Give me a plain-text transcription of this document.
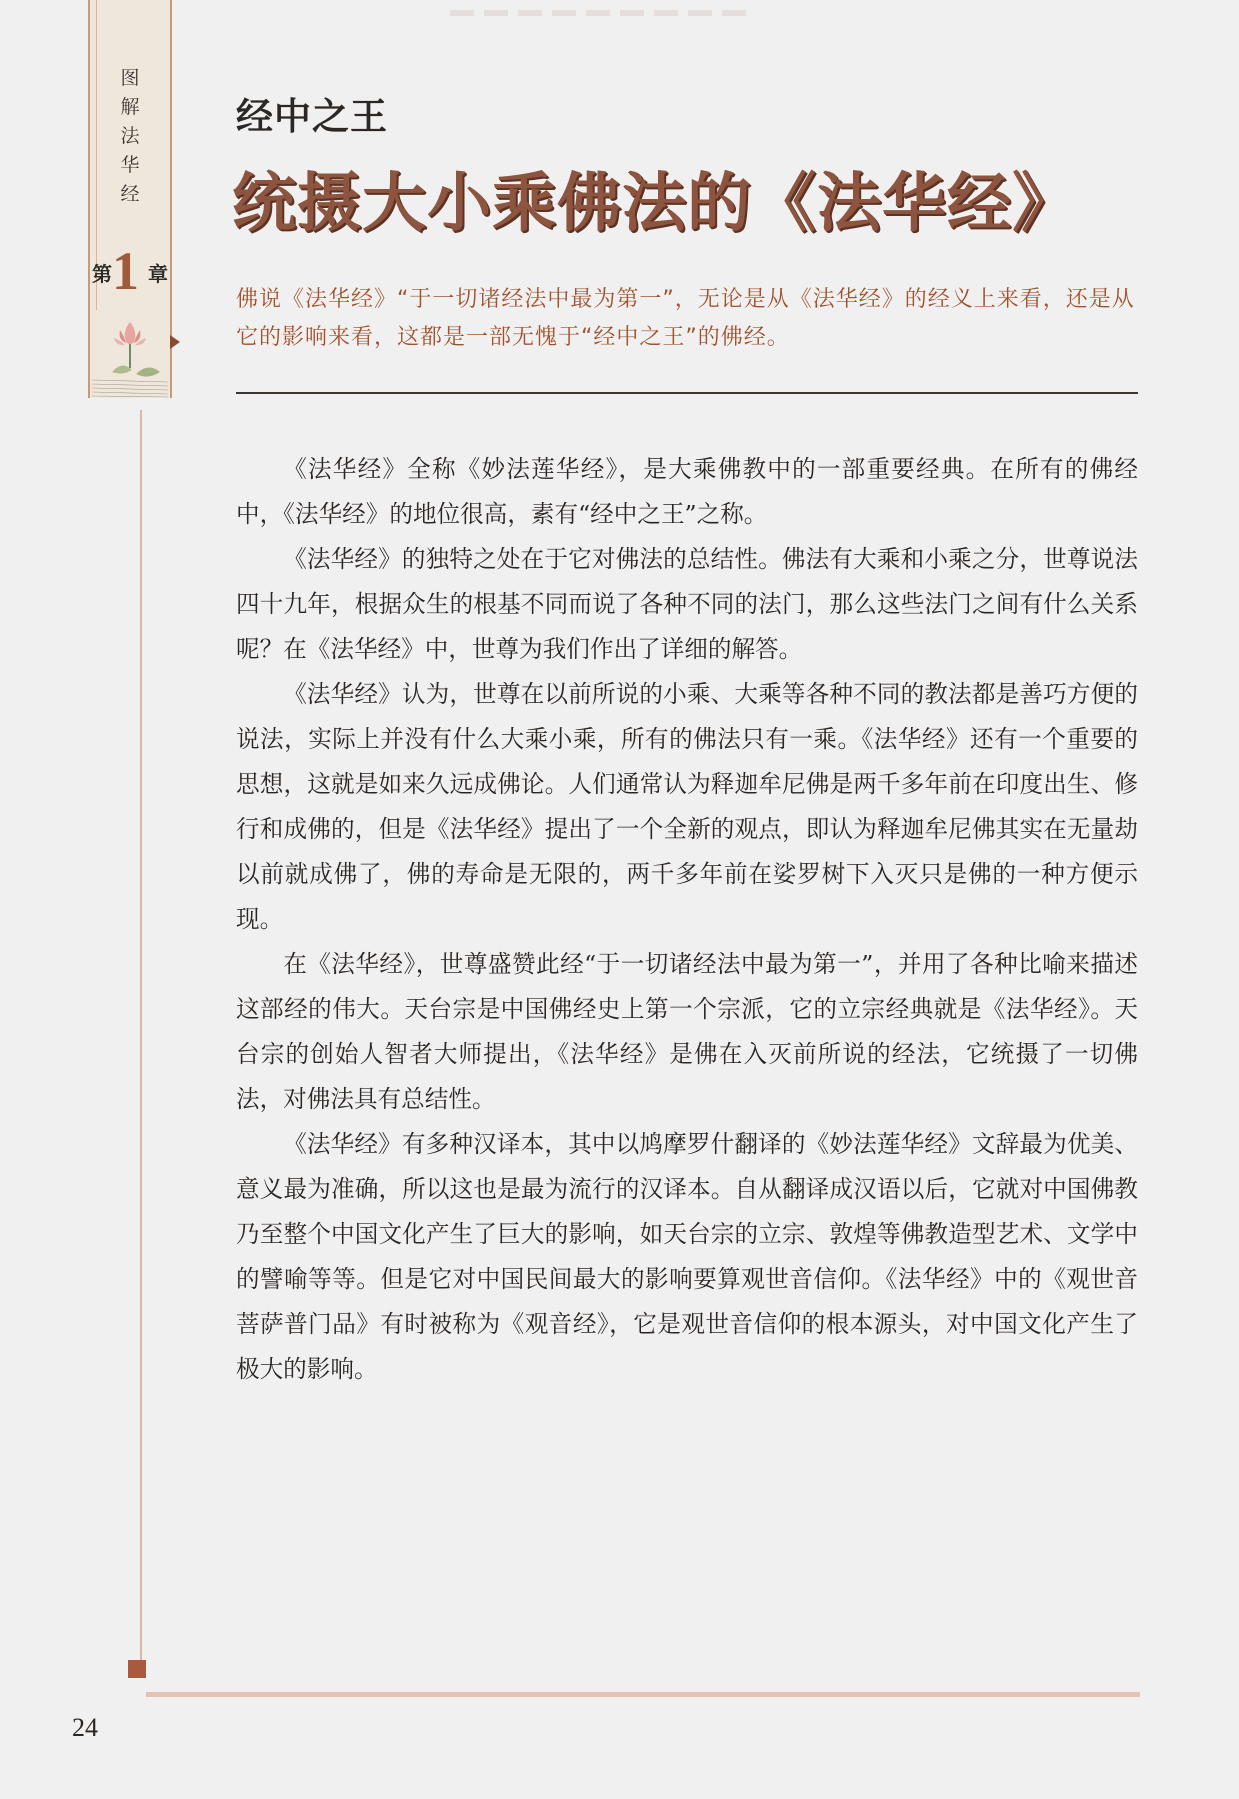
图解法华经
第 1 章
经中之王
统摄大小乘佛法的《法华经》
佛说《法华经》“于一切诸经法中最为第一”，无论是从《法华经》的经义上来看，还是从它的影响来看，这都是一部无愧于“经中之王”的佛经。

《法华经》全称《妙法莲华经》，是大乘佛教中的一部重要经典。在所有的佛经中，《法华经》的地位很高，素有“经中之王”之称。

《法华经》的独特之处在于它对佛法的总结性。佛法有大乘和小乘之分，世尊说法四十九年，根据众生的根基不同而说了各种不同的法门，那么这些法门之间有什么关系呢？在《法华经》中，世尊为我们作出了详细的解答。

《法华经》认为，世尊在以前所说的小乘、大乘等各种不同的教法都是善巧方便的说法，实际上并没有什么大乘小乘，所有的佛法只有一乘。《法华经》还有一个重要的思想，这就是如来久远成佛论。人们通常认为释迦牟尼佛是两千多年前在印度出生、修行和成佛的，但是《法华经》提出了一个全新的观点，即认为释迦牟尼佛其实在无量劫以前就成佛了，佛的寿命是无限的，两千多年前在娑罗树下入灭只是佛的一种方便示现。

在《法华经》，世尊盛赞此经“于一切诸经法中最为第一”，并用了各种比喻来描述这部经的伟大。天台宗是中国佛经史上第一个宗派，它的立宗经典就是《法华经》。天台宗的创始人智者大师提出，《法华经》是佛在入灭前所说的经法，它统摄了一切佛法，对佛法具有总结性。

《法华经》有多种汉译本，其中以鸠摩罗什翻译的《妙法莲华经》文辞最为优美、意义最为准确，所以这也是最为流行的汉译本。自从翻译成汉语以后，它就对中国佛教乃至整个中国文化产生了巨大的影响，如天台宗的立宗、敦煌等佛教造型艺术、文学中的譬喻等等。但是它对中国民间最大的影响要算观世音信仰。《法华经》中的《观世音菩萨普门品》有时被称为《观音经》，它是观世音信仰的根本源头，对中国文化产生了极大的影响。

24
